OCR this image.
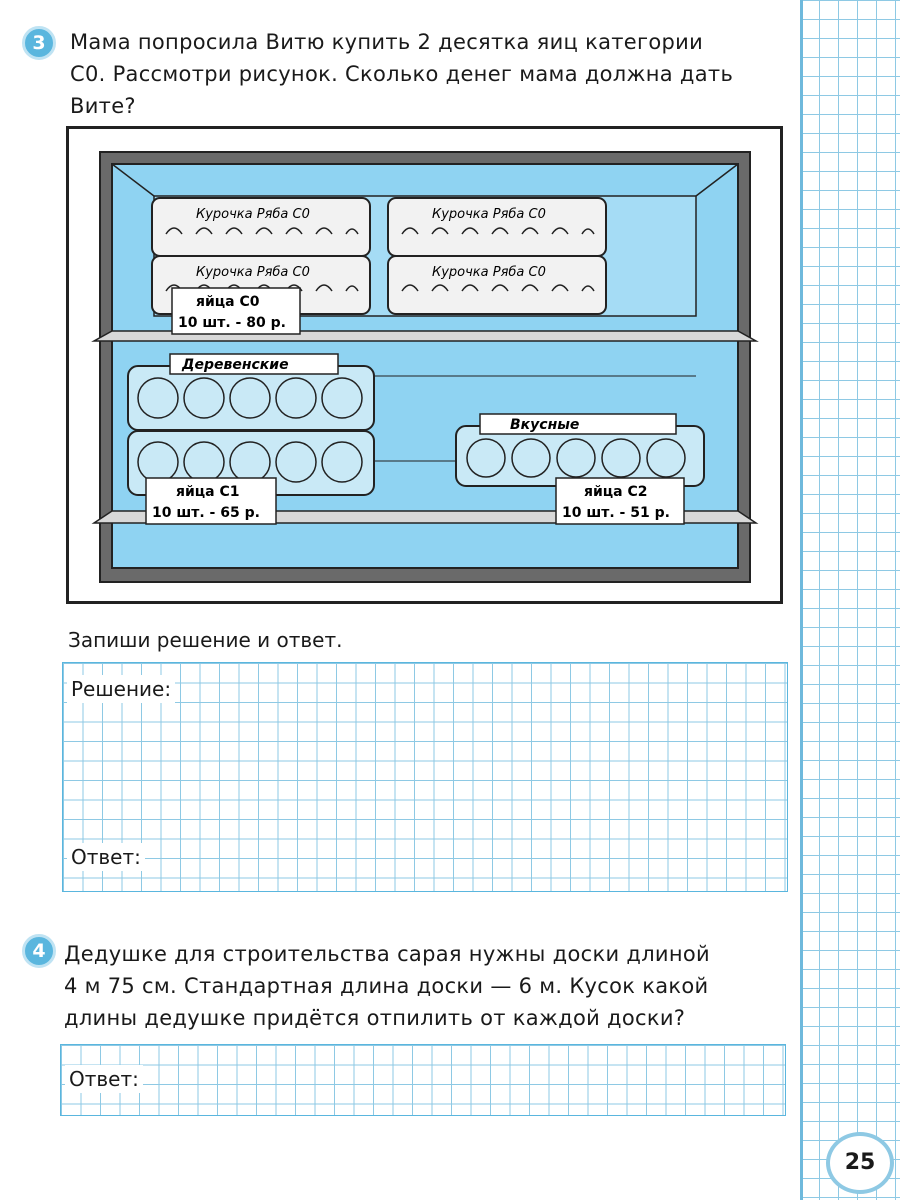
3	Мама попросила Витю купить 2 десятка яиц категории

С0. Рассмотри рисунок. Сколько денег мама должна дать

Вите?

Курочка Ряба С0
Курочка Ряба С0
Курочка Ряба С0
Курочка Ряба С0
яйца С0
10 шт. - 80 р.
Деревенские
Вкусные
яйца С1
10 шт. - 65 р.
яйца С2
10 шт. - 51 р.
Запиши решение и ответ.
Решение:
Ответ:
4 Дедушке для строительства сарая нужны доски длиной

4 м 75 см. Стандартная длина доски — 6 м. Кусок какой

длины дедушке придётся отпилить от каждой доски?

Ответ:
25
